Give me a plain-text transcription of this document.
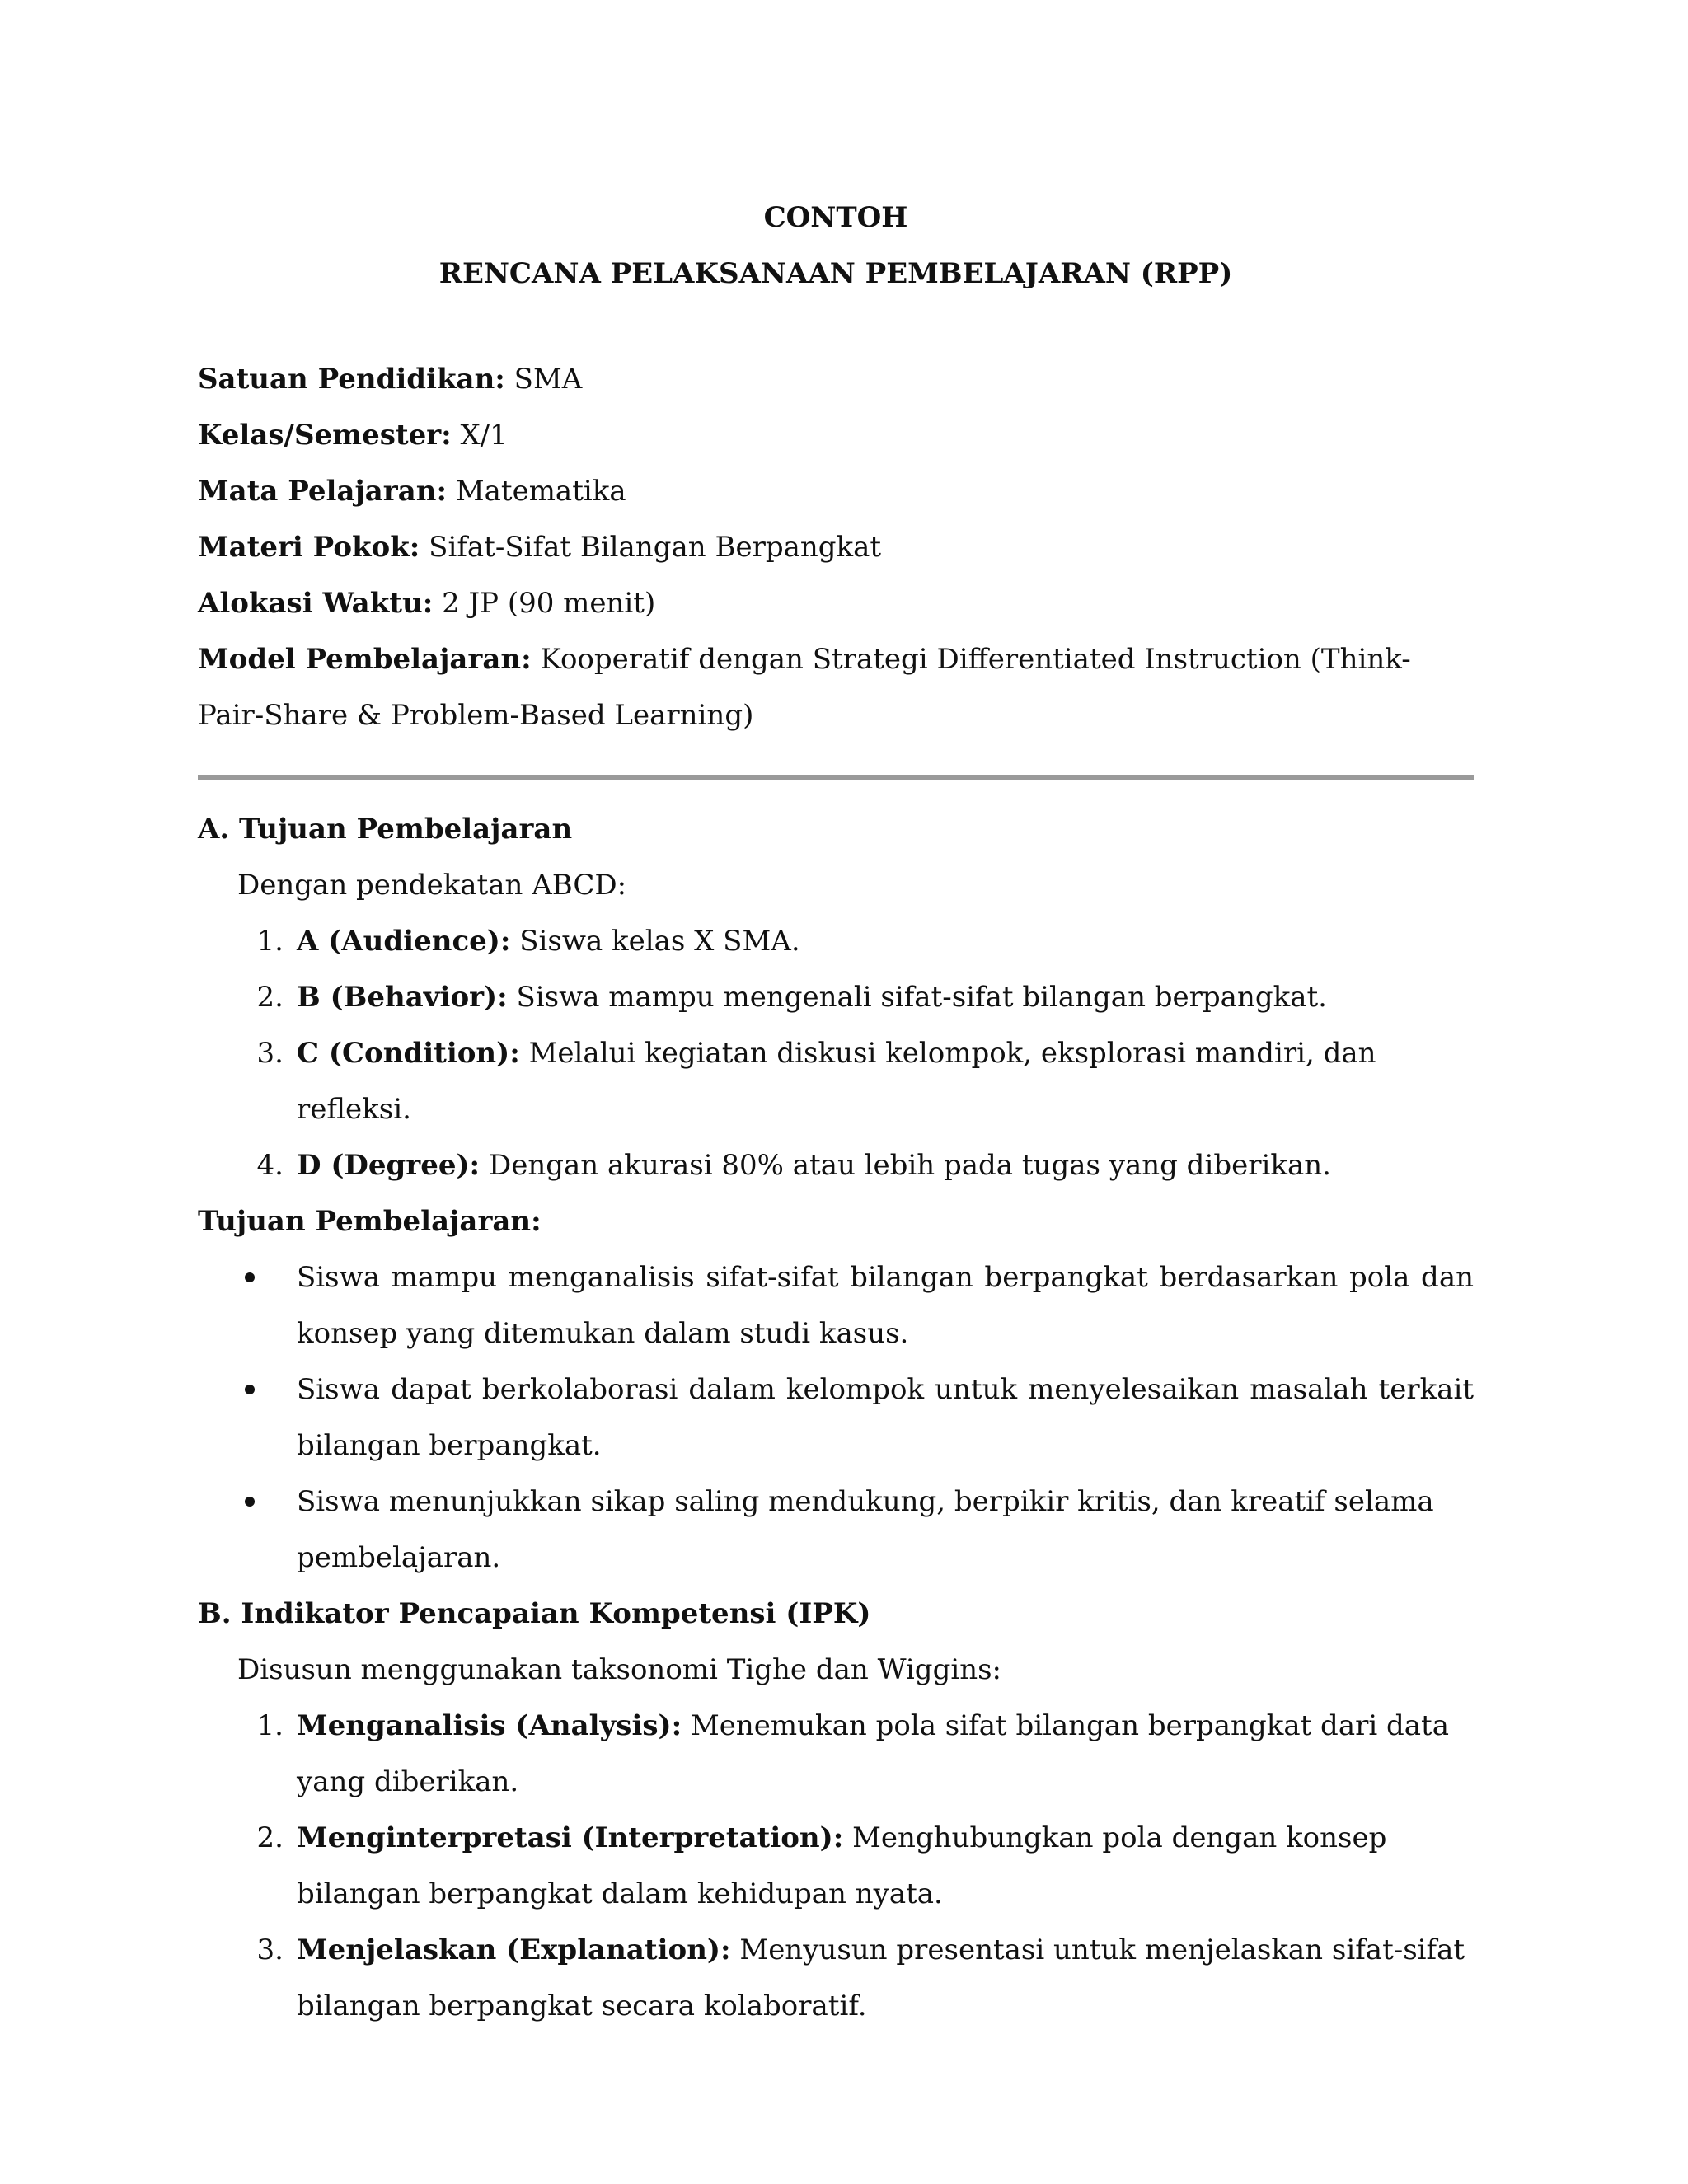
CONTOH

RENCANA PELAKSANAAN PEMBELAJARAN (RPP)

Satuan Pendidikan: SMA

Kelas/Semester: X/1

Mata Pelajaran: Matematika

Materi Pokok: Sifat-Sifat Bilangan Berpangkat

Alokasi Waktu: 2 JP (90 menit)

Model Pembelajaran: Kooperatif dengan Strategi Differentiated Instruction (Think-Pair-Share & Problem-Based Learning)

A. Tujuan Pembelajaran

Dengan pendekatan ABCD:

1. A (Audience): Siswa kelas X SMA.
2. B (Behavior): Siswa mampu mengenali sifat-sifat bilangan berpangkat.
3. C (Condition): Melalui kegiatan diskusi kelompok, eksplorasi mandiri, dan refleksi.
4. D (Degree): Dengan akurasi 80% atau lebih pada tugas yang diberikan.
Tujuan Pembelajaran:
Siswa mampu menganalisis sifat-sifat bilangan berpangkat berdasarkan pola dan konsep yang ditemukan dalam studi kasus.
Siswa dapat berkolaborasi dalam kelompok untuk menyelesaikan masalah terkait bilangan berpangkat.
Siswa menunjukkan sikap saling mendukung, berpikir kritis, dan kreatif selama pembelajaran.
B. Indikator Pencapaian Kompetensi (IPK)

Disusun menggunakan taksonomi Tighe dan Wiggins:

1. Menganalisis (Analysis): Menemukan pola sifat bilangan berpangkat dari data yang diberikan.
2. Menginterpretasi (Interpretation): Menghubungkan pola dengan konsep bilangan berpangkat dalam kehidupan nyata.
3. Menjelaskan (Explanation): Menyusun presentasi untuk menjelaskan sifat-sifat bilangan berpangkat secara kolaboratif.
